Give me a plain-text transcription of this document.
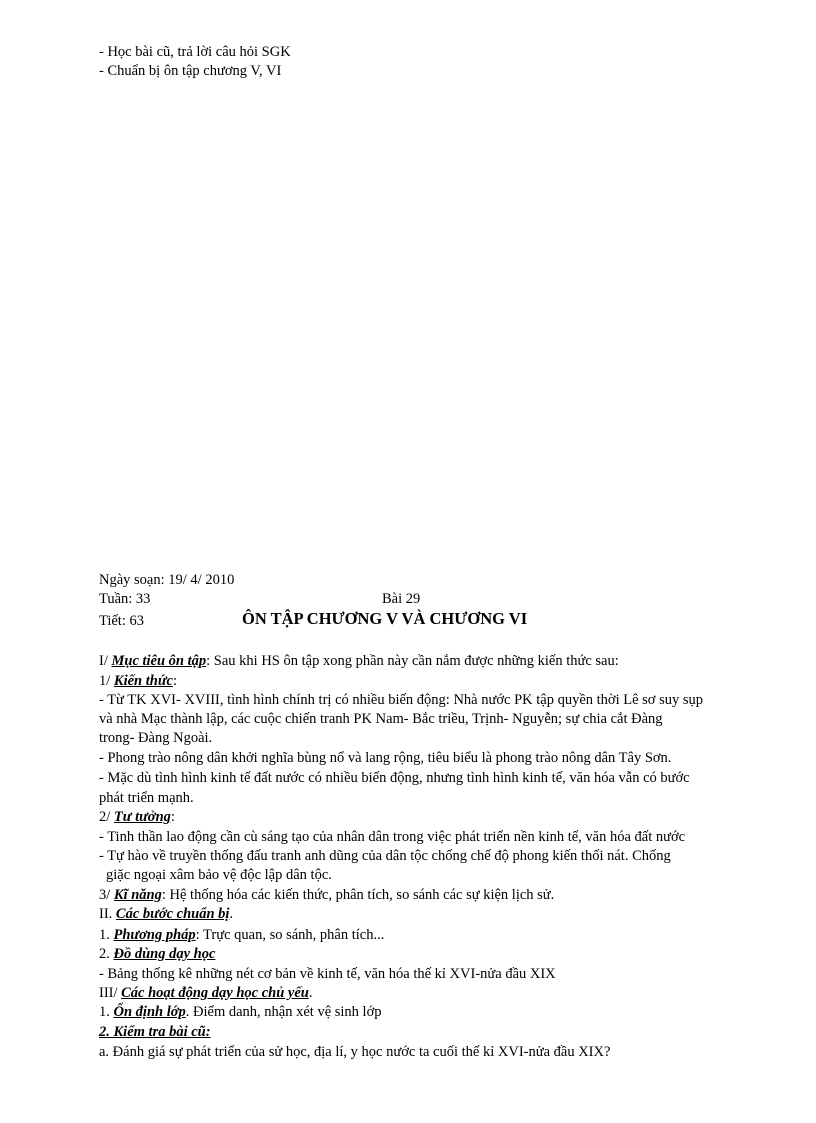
- Học bài cũ, trả lời câu hỏi SGK
- Chuẩn bị ôn tập chương V, VI
Ngày soạn: 19/ 4/ 2010
Tuần: 33	Bài 29
Tiết: 63	ÔN TẬP CHƯƠNG V VÀ CHƯƠNG VI
I/ Mục tiêu ôn tập: Sau khi HS ôn tập xong phần này cần nắm được những kiến thức sau:
1/ Kiến thức:
- Từ TK XVI- XVIII, tình hình chính trị có nhiều biến động: Nhà nước PK tập quyền thời Lê sơ suy sụp
và nhà Mạc thành lập, các cuộc chiến tranh PK Nam- Bắc triều, Trịnh- Nguyễn; sự chia cắt Đàng
trong- Đàng Ngoài.
- Phong trào nông dân khởi nghĩa bùng nổ và lang rộng, tiêu biểu là phong trào nông dân Tây Sơn.
- Mặc dù tình hình kinh tế đất nước có nhiều biến động, nhưng tình hình kinh tế, văn hóa vẫn có bước
phát triển mạnh.
2/ Tư tưởng:
- Tinh thần lao động cần cù sáng tạo của nhân dân trong việc phát triển nền kinh tế, văn hóa đất nước
- Tự hào về truyền thống đấu tranh anh dũng của dân tộc chống chế độ phong kiến thối nát. Chống
giặc ngoại xâm bảo vệ độc lập dân tộc.
3/ Kĩ năng: Hệ thống hóa các kiến thức, phân tích, so sánh các sự kiện lịch sử.
II. Các bước chuẩn bị.
1. Phương pháp: Trực quan, so sánh, phân tích...
2. Đồ dùng dạy học
- Bảng thống kê những nét cơ bản về kinh tế, văn hóa thế kỉ XVI-nửa đầu XIX
III/ Các hoạt động dạy học chủ yếu.
1. Ổn định lớp. Điểm danh, nhận xét vệ sinh lớp
2. Kiểm tra bài cũ:
a. Đánh giá sự phát triển của sử học, địa lí, y học nước ta cuối thế kỉ XVI-nửa đầu XIX?
